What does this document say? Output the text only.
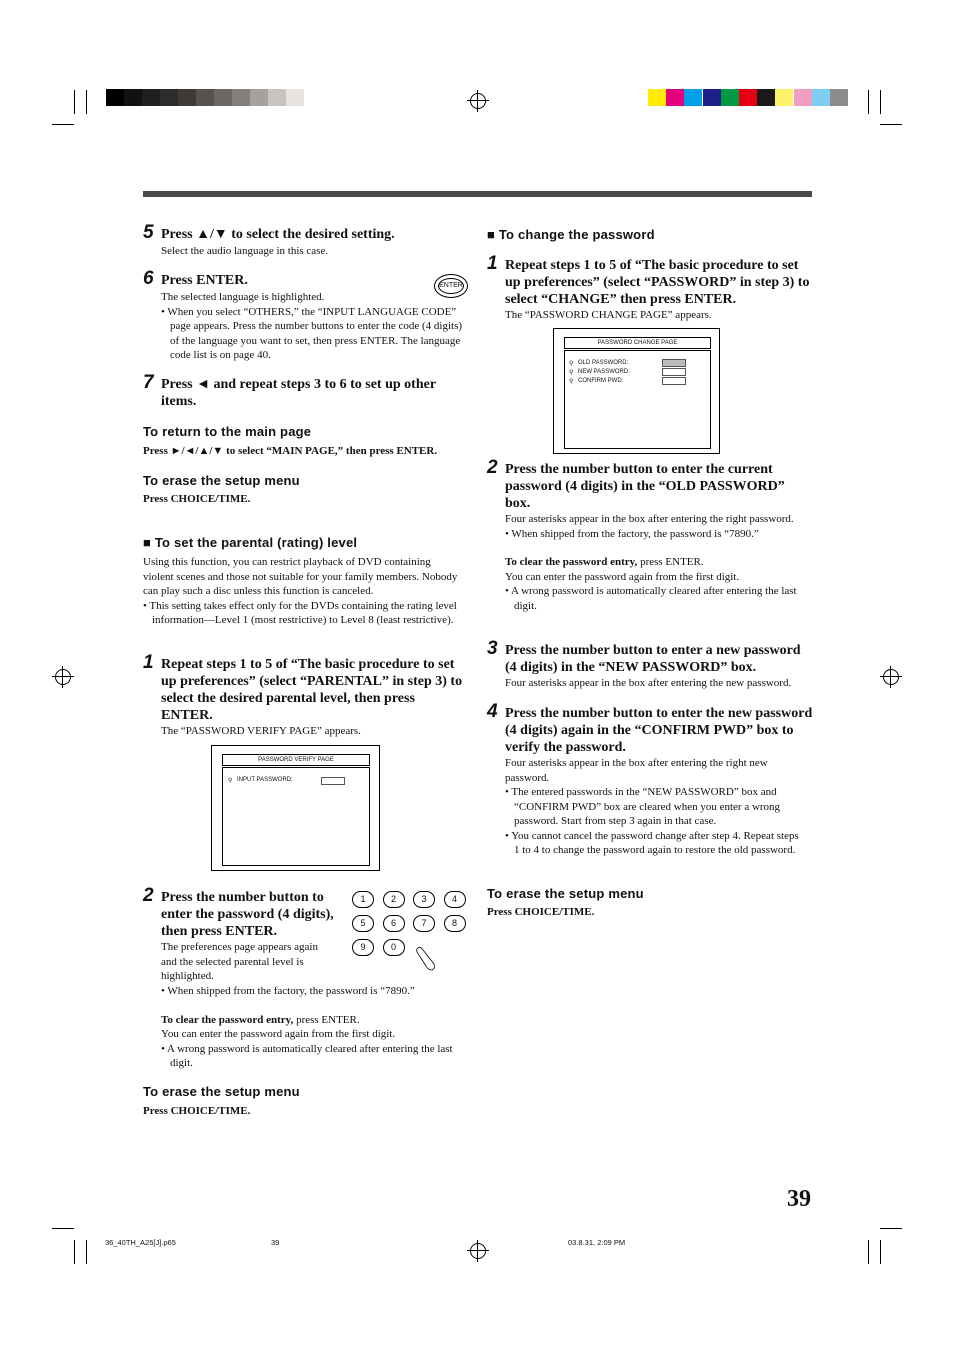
5 Press ▲/▼ to select the desired setting.
Select the audio language in this case.
6 Press ENTER.

The selected language is highlighted.

• When you select “OTHERS,” the “INPUT LANGUAGE CODE” page appears. Press the number buttons to enter the code (4 digits) of the language you want to set, then press ENTER. The language code list is on page 40.

ENTER
7 Press ◄ and repeat steps 3 to 6 to set up other items.
To return to the main page
Press ►/◄/▲/▼ to select “MAIN PAGE,” then press ENTER.
To erase the setup menu
Press CHOICE/TIME.
■ To set the parental (rating) level

Using this function, you can restrict playback of DVD containing violent scenes and those not suitable for your family members. Nobody can play such a disc unless this function is canceled.

• This setting takes effect only for the DVDs containing the rating level information—Level 1 (most restrictive) to Level 8 (least restrictive).

1 Repeat steps 1 to 5 of “The basic procedure to set up preferences” (select “PARENTAL” in step 3) to select the desired parental level, then press ENTER.
The “PASSWORD VERIFY PAGE” appears.
PASSWORD VERIFY PAGE
⚲ INPUT PASSWORD:
2 Press the number button to enter the password (4 digits), then press ENTER.
The preferences page appears again and the selected parental level is highlighted.

• When shipped from the factory, the password is “7890.”

To clear the password entry, press ENTER.

You can enter the password again from the first digit.

• A wrong password is automatically cleared after entering the last digit.

1	2	3	4
5	6	7	8
9	0
To erase the setup menu
Press CHOICE/TIME.
■ To change the password
1 Repeat steps 1 to 5 of “The basic procedure to set up preferences” (select “PASSWORD” in step 3) to select “CHANGE” then press ENTER.
The “PASSWORD CHANGE PAGE” appears.
PASSWORD CHANGE PAGE
⚲ OLD PASSWORD:
⚲ NEW PASSWORD:
⚲ CONFIRM PWD:
2 Press the number button to enter the current password (4 digits) in the “OLD PASSWORD” box.

Four asterisks appear in the box after entering the right password.

• When shipped from the factory, the password is “7890.”

To clear the password entry, press ENTER.

You can enter the password again from the first digit.

• A wrong password is automatically cleared after entering the last digit.

3 Press the number button to enter a new password (4 digits) in the “NEW PASSWORD” box.
Four asterisks appear in the box after entering the new password.
4 Press the number button to enter the new password (4 digits) again in the “CONFIRM PWD” box to verify the password.

Four asterisks appear in the box after entering the right new password.

• The entered passwords in the “NEW PASSWORD” box and “CONFIRM PWD” box are cleared when you enter a wrong password. Start from step 3 again in that case.

• You cannot cancel the password change after step 4. Repeat steps 1 to 4 to change the password again to restore the old password.

To erase the setup menu
Press CHOICE/TIME.
39
36_40TH_A25[J].p65	39	03.8.31, 2:09 PM
